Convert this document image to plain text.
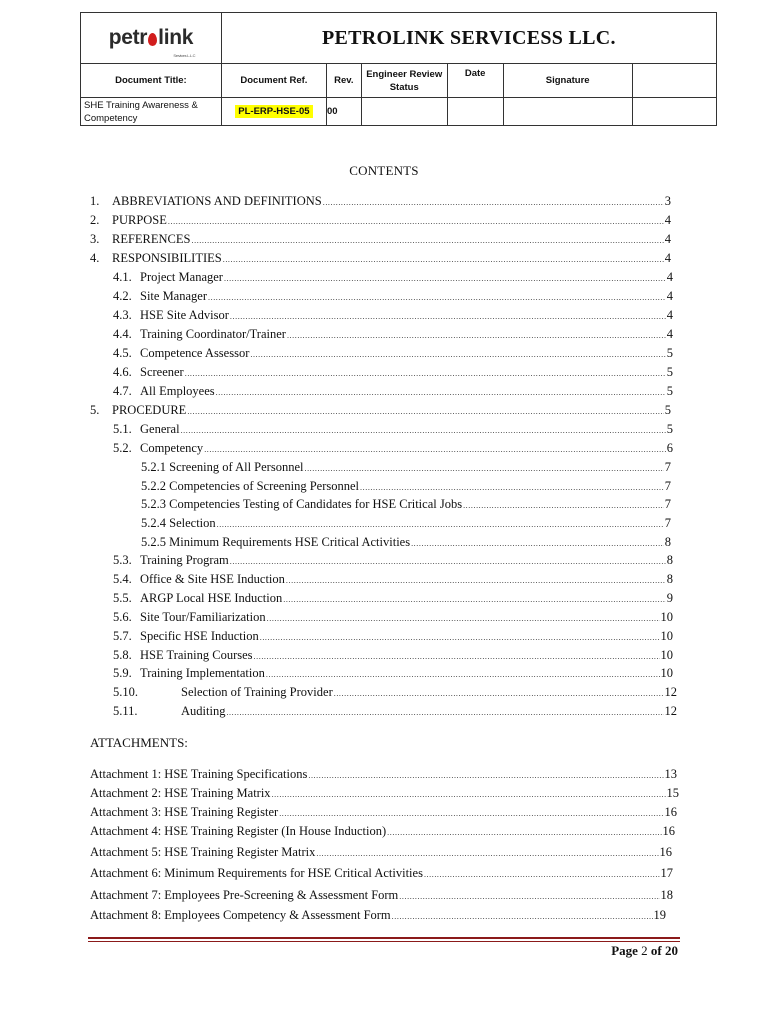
petr link
Services L.L.C	PETROLINK SERVICESS LLC.					
Document Title:	Document Ref.	Rev.	Engineer Review Status	Date	Signature	
SHE Training Awareness & Competency	PL-ERP-HSE-05	00				
CONTENTS
1.	ABBREVIATIONS AND DEFINITIONS .....	3
2.	PURPOSE .....	4
3.	REFERENCES .....	4
4.	RESPONSIBILITIES .....	4
4.1. Project Manager .....	4
4.2. Site Manager .....	4
4.3. HSE Site Advisor .....	4
4.4. Training Coordinator/Trainer .....	4
4.5. Competence Assessor .....	5
4.6. Screener .....	5
4.7. All Employees .....	5
5.	PROCEDURE .....	5
5.1. General .....	5
5.2. Competency .....	6
5.2.1 Screening of All Personnel .....	7
5.2.2 Competencies of Screening Personnel .....	7
5.2.3 Competencies Testing of Candidates for HSE Critical Jobs .....	7
5.2.4 Selection .....	7
5.2.5 Minimum Requirements HSE Critical Activities .....	8
5.3. Training Program .....	8
5.4. Office & Site HSE Induction .....	8
5.5. ARGP Local HSE Induction .....	9
5.6. Site Tour/Familiarization .....	10
5.7. Specific HSE Induction .....	10
5.8. HSE Training Courses .....	10
5.9. Training Implementation .....	10
5.10.	Selection of Training Provider .....	12
5.11.	Auditing .....	12
ATTACHMENTS:
Attachment 1: HSE Training Specifications .....	13
Attachment 2: HSE Training Matrix .....	15
Attachment 3: HSE Training Register .....	16
Attachment 4: HSE Training Register (In House Induction) .....	16
Attachment 5: HSE Training Register Matrix .....	16
Attachment 6: Minimum Requirements for HSE Critical Activities .....	17
Attachment 7: Employees Pre-Screening & Assessment Form .....	18
Attachment 8: Employees Competency & Assessment Form .....	19
Page 2 of 20
